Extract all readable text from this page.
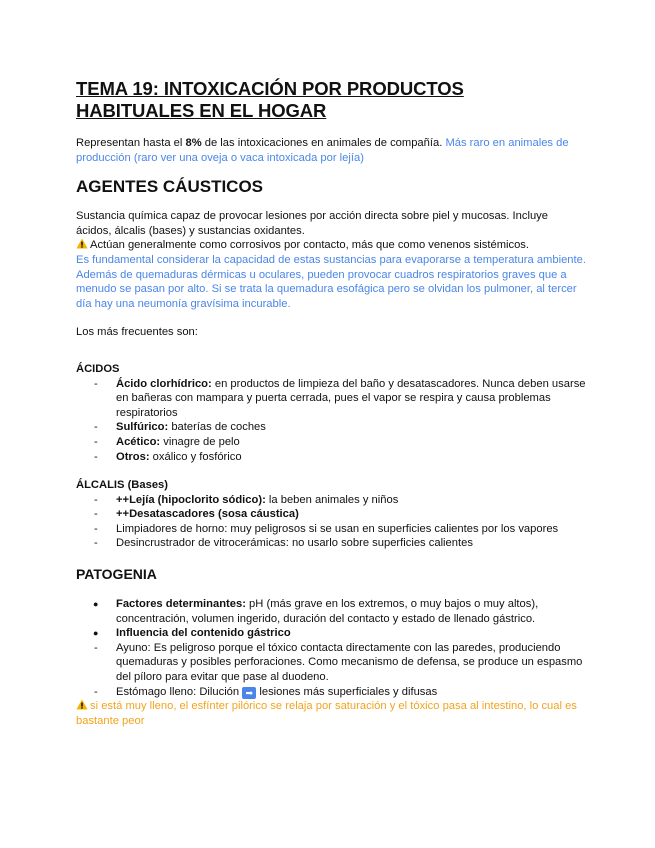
TEMA 19: INTOXICACIÓN POR PRODUCTOS HABITUALES EN EL HOGAR

Representan hasta el 8% de las intoxicaciones en animales de compañía. Más raro en animales de producción (raro ver una oveja o vaca intoxicada por lejía)

AGENTES CÁUSTICOS

Sustancia química capaz de provocar lesiones por acción directa sobre piel y mucosas. Incluye ácidos, álcalis (bases) y sustancias oxidantes.

Actúan generalmente como corrosivos por contacto, más que como venenos sistémicos.

Es fundamental considerar la capacidad de estas sustancias para evaporarse a temperatura ambiente. Además de quemaduras dérmicas u oculares, pueden provocar cuadros respiratorios graves que a menudo se pasan por alto. Si se trata la quemadura esofágica pero se olvidan los pulmoner, al tercer día hay una neumonía gravísima incurable.

Los más frecuentes son:

ÁCIDOS

- Ácido clorhídrico: en productos de limpieza del baño y desatascadores. Nunca deben usarse en bañeras con mampara y puerta cerrada, pues el vapor se respira y causa problemas respiratorios
- Sulfúrico: baterías de coches
- Acético: vinagre de pelo
- Otros: oxálico y fosfórico

ÁLCALIS (Bases)

- ++Lejía (hipoclorito sódico): la beben animales y niños
- ++Desatascadores (sosa cáustica)
- Limpiadores de horno: muy peligrosos si se usan en superficies calientes por los vapores
- Desincrustrador de vitrocerámicas: no usarlo sobre superficies calientes
PATOGENIA
● Factores determinantes: pH (más grave en los extremos, o muy bajos o muy altos), concentración, volumen ingerido, duración del contacto y estado de llenado gástrico.
● Influencia del contenido gástrico
- Ayuno: Es peligroso porque el tóxico contacta directamente con las paredes, produciendo quemaduras y posibles perforaciones. Como mecanismo de defensa, se produce un espasmo del píloro para evitar que pase al duodeno.
- Estómago lleno: Dilución ➡ lesiones más superficiales y difusas

si está muy lleno, el esfínter pilórico se relaja por saturación y el tóxico pasa al intestino, lo cual es bastante peor
